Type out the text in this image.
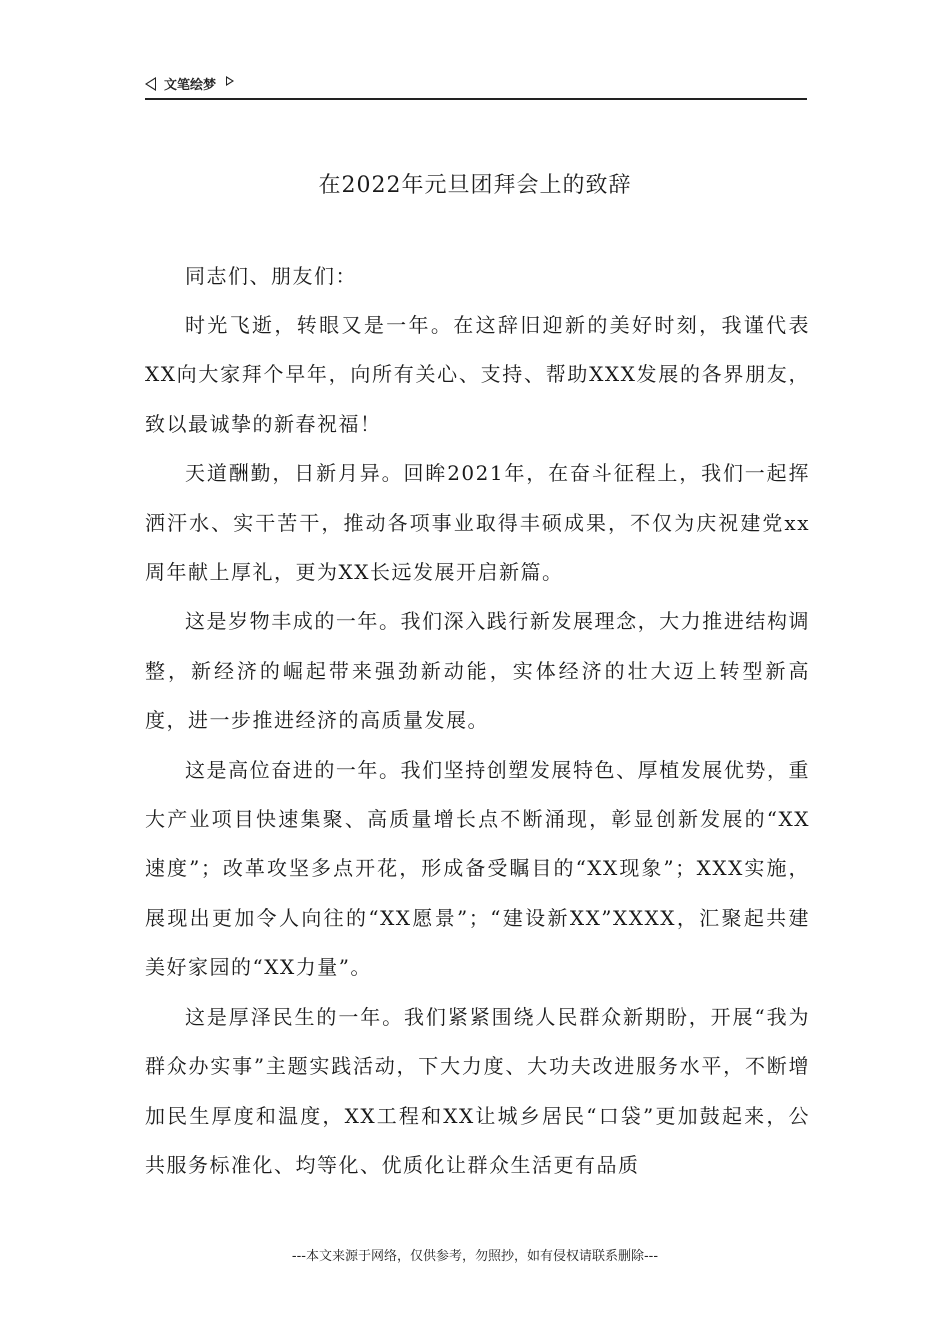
文笔绘梦
在2022年元旦团拜会上的致辞

同志们、朋友们：

时光飞逝，转眼又是一年。在这辞旧迎新的美好时刻，我谨代表XX向大家拜个早年，向所有关心、支持、帮助XXX发展的各界朋友，致以最诚挚的新春祝福！

天道酬勤，日新月异。回眸2021年，在奋斗征程上，我们一起挥洒汗水、实干苦干，推动各项事业取得丰硕成果，不仅为庆祝建党xx周年献上厚礼，更为XX长远发展开启新篇。

这是岁物丰成的一年。我们深入践行新发展理念，大力推进结构调整，新经济的崛起带来强劲新动能，实体经济的壮大迈上转型新高度，进一步推进经济的高质量发展。

这是高位奋进的一年。我们坚持创塑发展特色、厚植发展优势，重大产业项目快速集聚、高质量增长点不断涌现，彰显创新发展的“XX速度”；改革攻坚多点开花，形成备受瞩目的“XX现象”；XXX实施，展现出更加令人向往的“XX愿景”；“建设新XX”XXXX，汇聚起共建美好家园的“XX力量”。

这是厚泽民生的一年。我们紧紧围绕人民群众新期盼，开展“我为群众办实事”主题实践活动，下大力度、大功夫改进服务水平，不断增加民生厚度和温度，XX工程和XX让城乡居民“口袋”更加鼓起来，公共服务标准化、均等化、优质化让群众生活更有品质

---本文来源于网络，仅供参考，勿照抄，如有侵权请联系删除---
